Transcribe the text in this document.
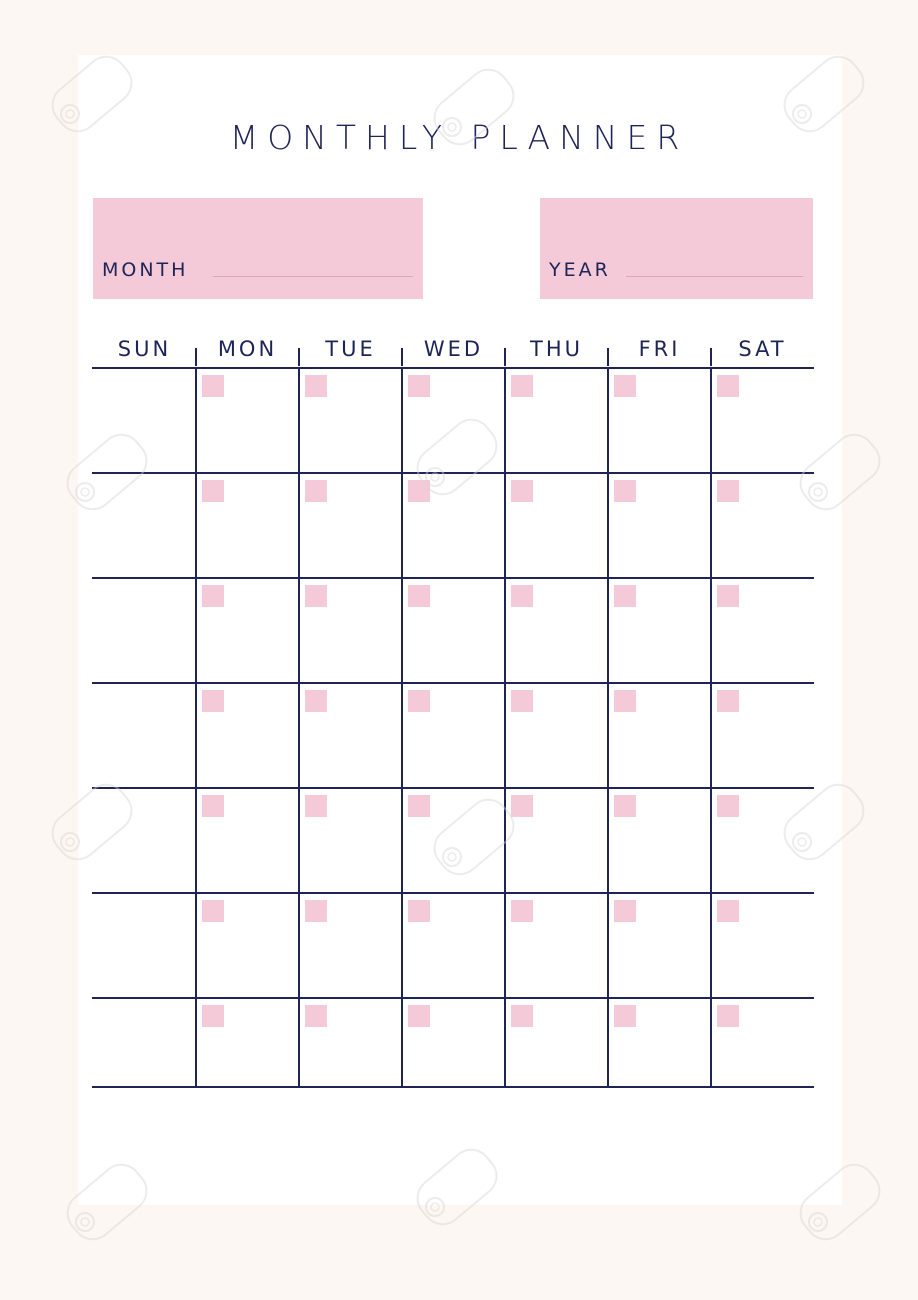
MONTHLY PLANNER
MONTH	YEAR
SUN	MON	TUE	WED	THU	FRI	SAT
